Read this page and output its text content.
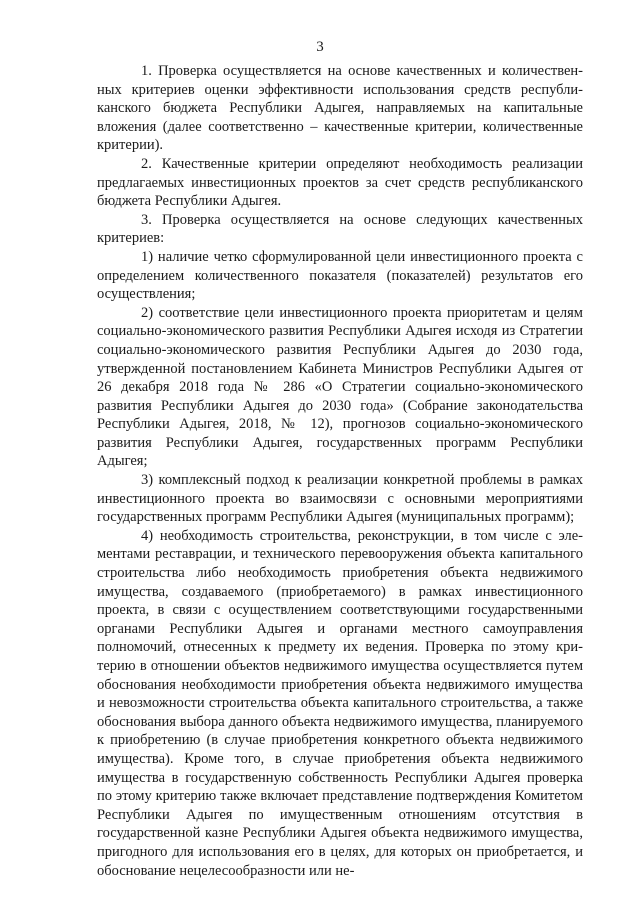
3

1. Проверка осуществляется на основе качественных и количественных критериев оценки эффективности использования средств республиканского бюджета Республики Адыгея, направляемых на капитальные вложения (далее соответственно – качественные критерии, количественные критерии).

2. Качественные критерии определяют необходимость реализации предлагаемых инвестиционных проектов за счет средств республиканского бюджета Республики Адыгея.

3. Проверка осуществляется на основе следующих качественных критериев:

1) наличие четко сформулированной цели инвестиционного проекта с определением количественного показателя (показателей) результатов его осуществления;

2) соответствие цели инвестиционного проекта приоритетам и целям социально-экономического развития Республики Адыгея исходя из Стратегии социально-экономического развития Республики Адыгея до 2030 года, утвержденной постановлением Кабинета Министров Республики Адыгея от 26 декабря 2018 года № 286 «О Стратегии социально-экономического развития Республики Адыгея до 2030 года» (Собрание законодательства Республики Адыгея, 2018, № 12), прогнозов социально-экономического развития Республики Адыгея, государственных программ Республики Адыгея;

3) комплексный подход к реализации конкретной проблемы в рамках инвестиционного проекта во взаимосвязи с основными мероприятиями государственных программ Республики Адыгея (муниципальных программ);

4) необходимость строительства, реконструкции, в том числе с элементами реставрации, и технического перевооружения объекта капитального строительства либо необходимость приобретения объекта недвижимого имущества, создаваемого (приобретаемого) в рамках инвестиционного проекта, в связи с осуществлением соответствующими государственными органами Республики Адыгея и органами местного самоуправления полномочий, отнесенных к предмету их ведения. Проверка по этому критерию в отношении объектов недвижимого имущества осуществляется путем обоснования необходимости приобретения объекта недвижимого имущества и невозможности строительства объекта капитального строительства, а также обоснования выбора данного объекта недвижимого имущества, планируемого к приобретению (в случае приобретения конкретного объекта недвижимого имущества). Кроме того, в случае приобретения объекта недвижимого имущества в государственную собственность Республики Адыгея проверка по этому критерию также включает представление подтверждения Комитетом Республики Адыгея по имущественным отношениям отсутствия в государственной казне Республики Адыгея объекта недвижимого имущества, пригодного для использования его в целях, для которых он приобретается, и обоснование нецелесообразности или не-
